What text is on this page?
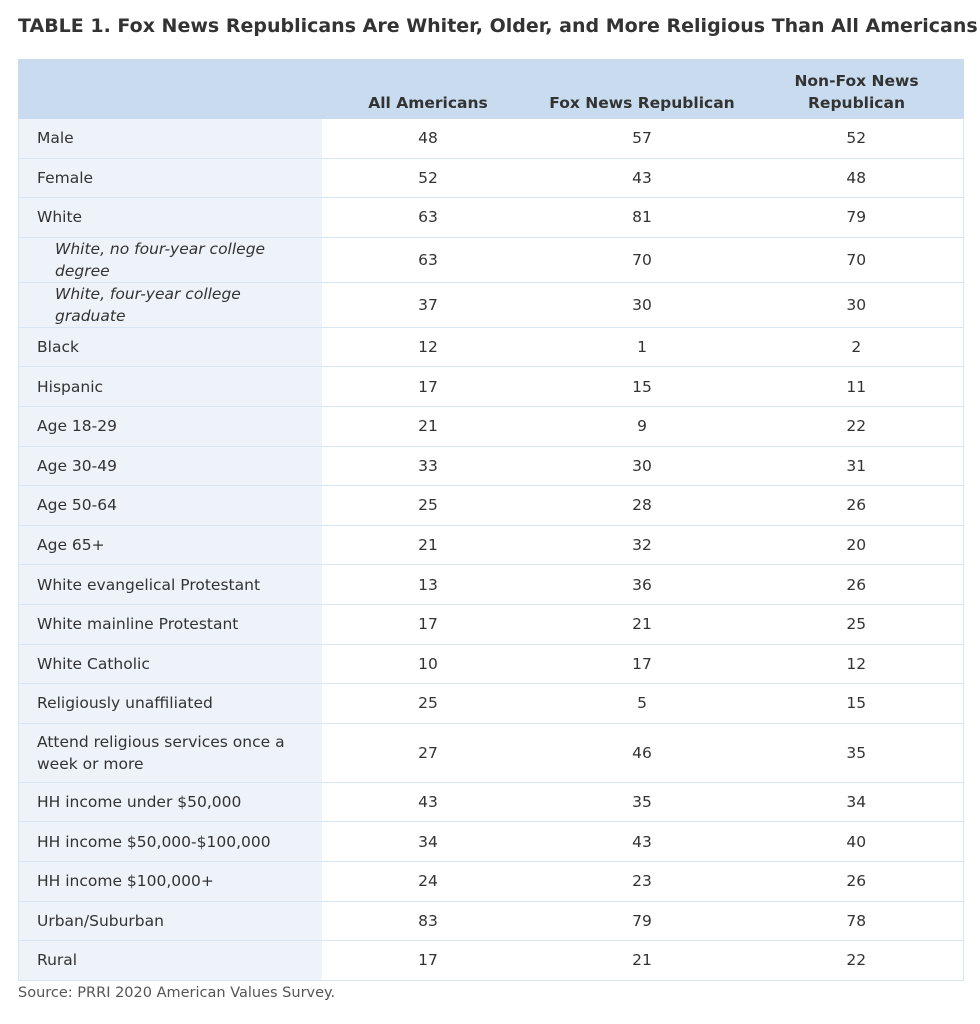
TABLE 1. Fox News Republicans Are Whiter, Older, and More Religious Than All Americans
	All Americans	Fox News Republican	Non-Fox News Republican
Male	48	57	52
Female	52	43	48
White	63	81	79
White, no four-year college degree	63	70	70
White, four-year college graduate	37	30	30
Black	12	1	2
Hispanic	17	15	11
Age 18-29	21	9	22
Age 30-49	33	30	31
Age 50-64	25	28	26
Age 65+	21	32	20
White evangelical Protestant	13	36	26
White mainline Protestant	17	21	25
White Catholic	10	17	12
Religiously unaffiliated	25	5	15
Attend religious services once a week or more	27	46	35
HH income under $50,000	43	35	34
HH income $50,000-$100,000	34	43	40
HH income $100,000+	24	23	26
Urban/Suburban	83	79	78
Rural	17	21	22
Source: PRRI 2020 American Values Survey.
